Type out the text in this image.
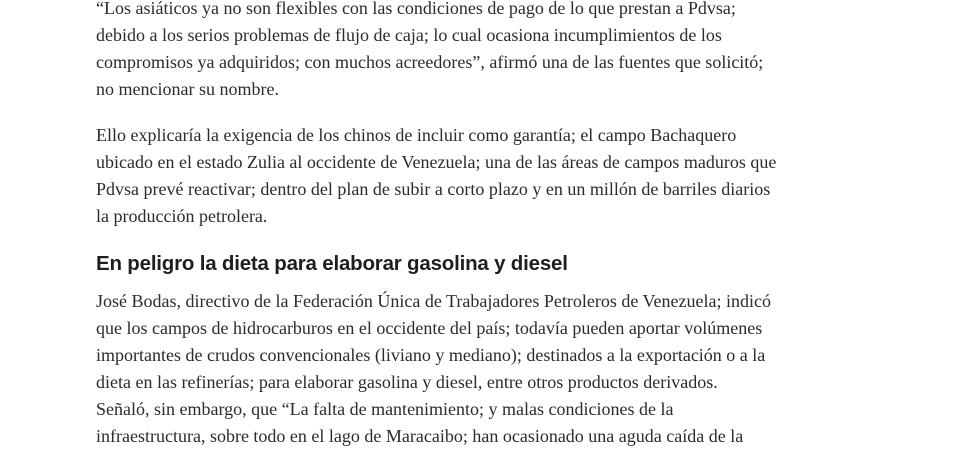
“Los asiáticos ya no son flexibles con las condiciones de pago de lo que prestan a Pdvsa;
debido a los serios problemas de flujo de caja; lo cual ocasiona incumplimientos de los
compromisos ya adquiridos; con muchos acreedores”, afirmó una de las fuentes que solicitó;
no mencionar su nombre.

Ello explicaría la exigencia de los chinos de incluir como garantía; el campo Bachaquero
ubicado en el estado Zulia al occidente de Venezuela; una de las áreas de campos maduros que
Pdvsa prevé reactivar; dentro del plan de subir a corto plazo y en un millón de barriles diarios
la producción petrolera.

En peligro la dieta para elaborar gasolina y diesel

José Bodas, directivo de la Federación Única de Trabajadores Petroleros de Venezuela; indicó
que los campos de hidrocarburos en el occidente del país; todavía pueden aportar volúmenes
importantes de crudos convencionales (liviano y mediano); destinados a la exportación o a la
dieta en las refinerías; para elaborar gasolina y diesel, entre otros productos derivados.
Señaló, sin embargo, que “La falta de mantenimiento; y malas condiciones de la
infraestructura, sobre todo en el lago de Maracaibo; han ocasionado una aguda caída de la
